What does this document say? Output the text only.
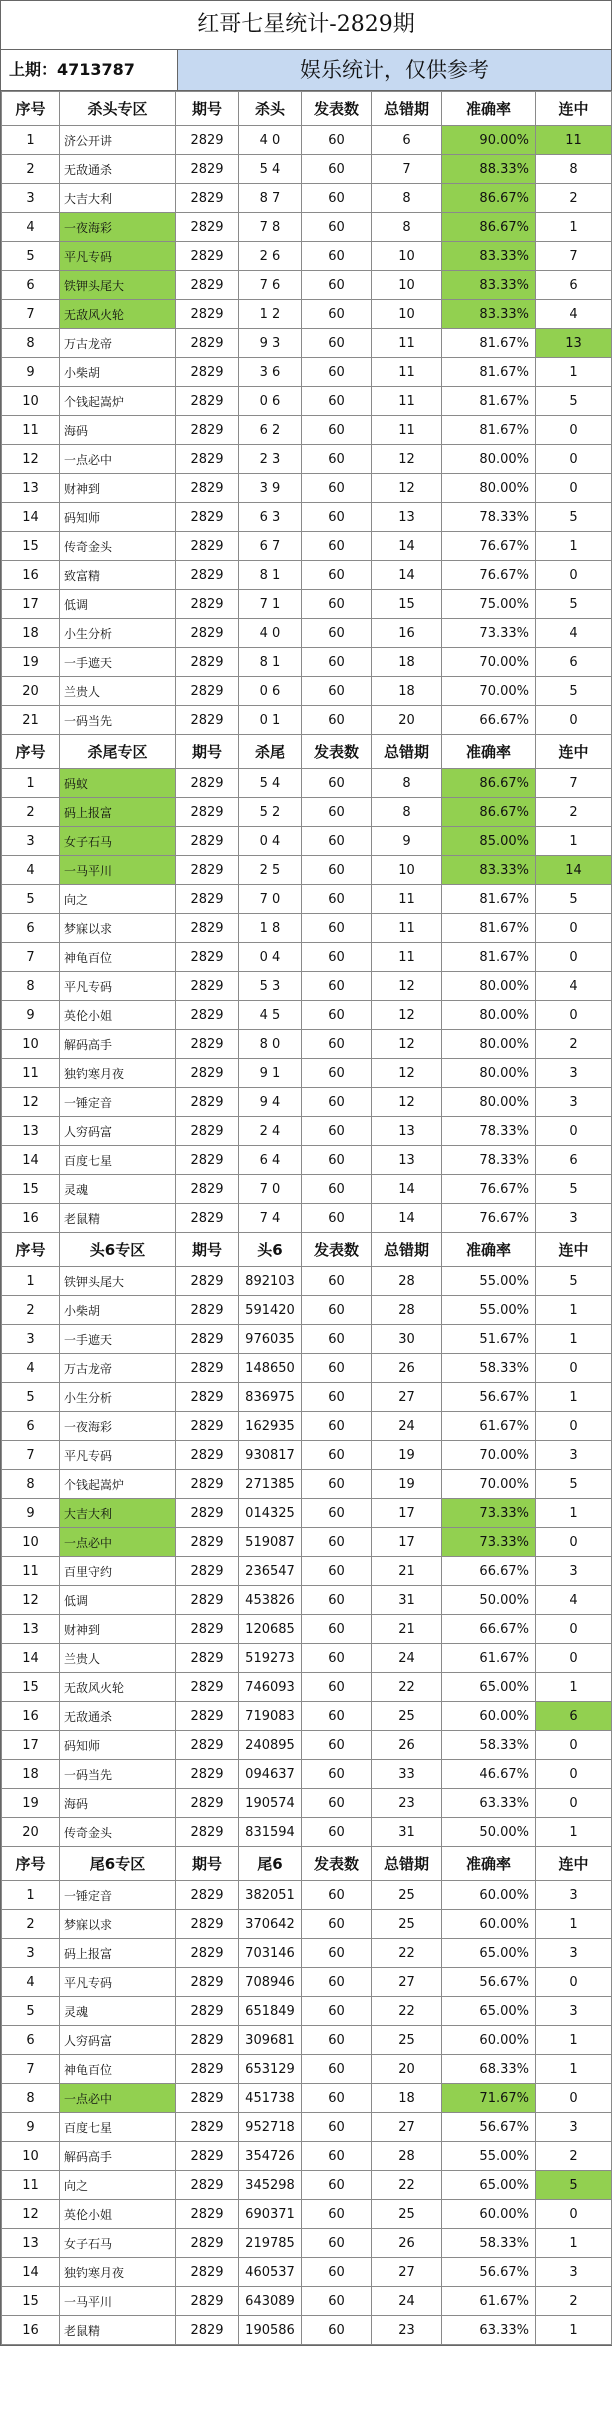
红哥七星统计-2829期
上期：4713787	娱乐统计，仅供参考
序号	杀头专区	期号	杀头	发表数	总错期	准确率	连中
1	济公开讲	2829	4 0	60	6	90.00%	11
2	无敌通杀	2829	5 4	60	7	88.33%	8
3	大吉大利	2829	8 7	60	8	86.67%	2
4	一夜海彩	2829	7 8	60	8	86.67%	1
5	平凡专码	2829	2 6	60	10	83.33%	7
6	铁钾头尾大	2829	7 6	60	10	83.33%	6
7	无敌风火轮	2829	1 2	60	10	83.33%	4
8	万古龙帝	2829	9 3	60	11	81.67%	13
9	小柴胡	2829	3 6	60	11	81.67%	1
10	个钱起嵩炉	2829	0 6	60	11	81.67%	5
11	海码	2829	6 2	60	11	81.67%	0
12	一点必中	2829	2 3	60	12	80.00%	0
13	财神到	2829	3 9	60	12	80.00%	0
14	码知师	2829	6 3	60	13	78.33%	5
15	传奇金头	2829	6 7	60	14	76.67%	1
16	致富精	2829	8 1	60	14	76.67%	0
17	低调	2829	7 1	60	15	75.00%	5
18	小生分析	2829	4 0	60	16	73.33%	4
19	一手遮天	2829	8 1	60	18	70.00%	6
20	兰贵人	2829	0 6	60	18	70.00%	5
21	一码当先	2829	0 1	60	20	66.67%	0
序号	杀尾专区	期号	杀尾	发表数	总错期	准确率	连中
1	码蚁	2829	5 4	60	8	86.67%	7
2	码上报富	2829	5 2	60	8	86.67%	2
3	女子石马	2829	0 4	60	9	85.00%	1
4	一马平川	2829	2 5	60	10	83.33%	14
5	向之	2829	7 0	60	11	81.67%	5
6	梦寐以求	2829	1 8	60	11	81.67%	0
7	神龟百位	2829	0 4	60	11	81.67%	0
8	平凡专码	2829	5 3	60	12	80.00%	4
9	英伦小姐	2829	4 5	60	12	80.00%	0
10	解码高手	2829	8 0	60	12	80.00%	2
11	独钓寒月夜	2829	9 1	60	12	80.00%	3
12	一锤定音	2829	9 4	60	12	80.00%	3
13	人穷码富	2829	2 4	60	13	78.33%	0
14	百度七星	2829	6 4	60	13	78.33%	6
15	灵魂	2829	7 0	60	14	76.67%	5
16	老鼠精	2829	7 4	60	14	76.67%	3
序号	头6专区	期号	头6	发表数	总错期	准确率	连中
1	铁钾头尾大	2829	892103	60	28	55.00%	5
2	小柴胡	2829	591420	60	28	55.00%	1
3	一手遮天	2829	976035	60	30	51.67%	1
4	万古龙帝	2829	148650	60	26	58.33%	0
5	小生分析	2829	836975	60	27	56.67%	1
6	一夜海彩	2829	162935	60	24	61.67%	0
7	平凡专码	2829	930817	60	19	70.00%	3
8	个钱起嵩炉	2829	271385	60	19	70.00%	5
9	大吉大利	2829	014325	60	17	73.33%	1
10	一点必中	2829	519087	60	17	73.33%	0
11	百里守约	2829	236547	60	21	66.67%	3
12	低调	2829	453826	60	31	50.00%	4
13	财神到	2829	120685	60	21	66.67%	0
14	兰贵人	2829	519273	60	24	61.67%	0
15	无敌风火轮	2829	746093	60	22	65.00%	1
16	无敌通杀	2829	719083	60	25	60.00%	6
17	码知师	2829	240895	60	26	58.33%	0
18	一码当先	2829	094637	60	33	46.67%	0
19	海码	2829	190574	60	23	63.33%	0
20	传奇金头	2829	831594	60	31	50.00%	1
序号	尾6专区	期号	尾6	发表数	总错期	准确率	连中
1	一锤定音	2829	382051	60	25	60.00%	3
2	梦寐以求	2829	370642	60	25	60.00%	1
3	码上报富	2829	703146	60	22	65.00%	3
4	平凡专码	2829	708946	60	27	56.67%	0
5	灵魂	2829	651849	60	22	65.00%	3
6	人穷码富	2829	309681	60	25	60.00%	1
7	神龟百位	2829	653129	60	20	68.33%	1
8	一点必中	2829	451738	60	18	71.67%	0
9	百度七星	2829	952718	60	27	56.67%	3
10	解码高手	2829	354726	60	28	55.00%	2
11	向之	2829	345298	60	22	65.00%	5
12	英伦小姐	2829	690371	60	25	60.00%	0
13	女子石马	2829	219785	60	26	58.33%	1
14	独钓寒月夜	2829	460537	60	27	56.67%	3
15	一马平川	2829	643089	60	24	61.67%	2
16	老鼠精	2829	190586	60	23	63.33%	1
